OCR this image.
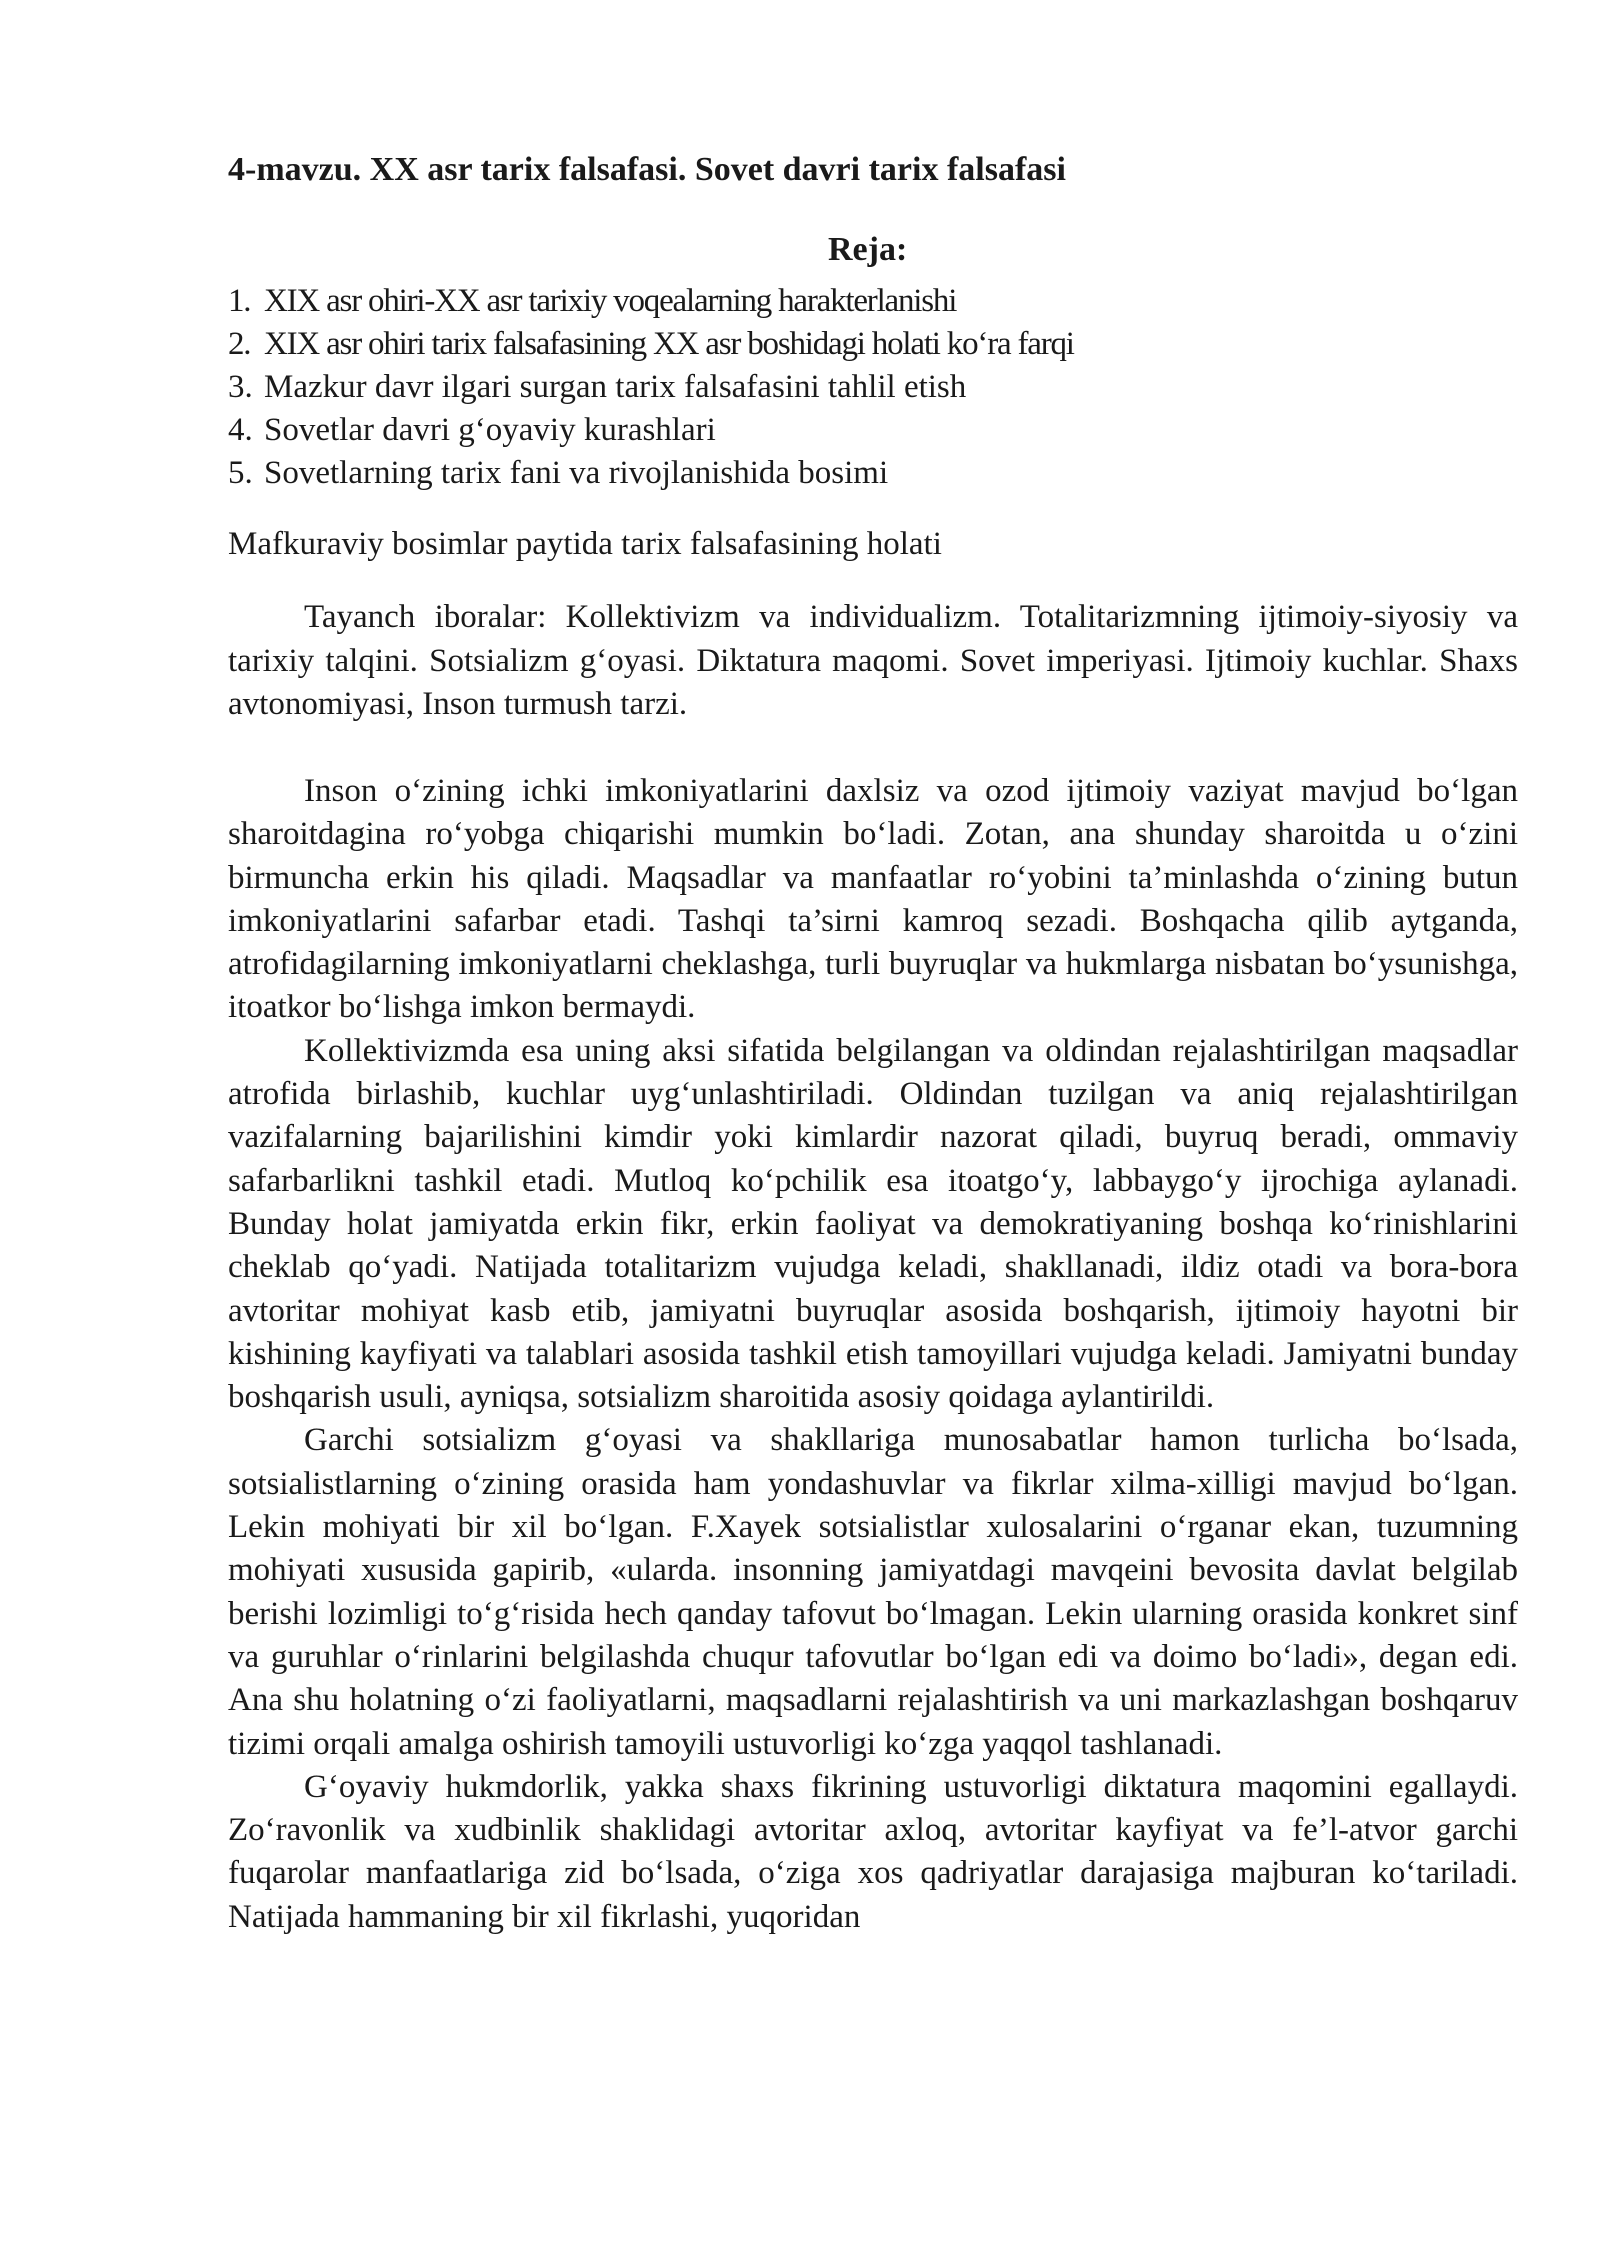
4-mavzu. XX asr tarix falsafasi. Sovet davri tarix falsafasi
Reja:
1. XIX asr ohiri-XX asr tarixiy voqealarning harakterlanishi
2. XIX asr ohiri tarix falsafasining XX asr boshidagi holati ko‘ra farqi
3. Mazkur davr ilgari surgan tarix falsafasini tahlil etish
4. Sovetlar davri g‘oyaviy kurashlari
5. Sovetlarning tarix fani va rivojlanishida bosimi

Mafkuraviy bosimlar paytida tarix falsafasining holati

Tayanch iboralar: Kollektivizm va individualizm. Totalitarizmning ijtimoiy-siyosiy va tarixiy talqini. Sotsializm g‘oyasi. Diktatura maqomi. Sovet imperiyasi. Ijtimoiy kuchlar. Shaxs avtonomiyasi, Inson turmush tarzi.

Inson o‘zining ichki imkoniyatlarini daxlsiz va ozod ijtimoiy vaziyat mavjud bo‘lgan sharoitdagina ro‘yobga chiqarishi mumkin bo‘ladi. Zotan, ana shunday sharoitda u o‘zini birmuncha erkin his qiladi. Maqsadlar va manfaatlar ro‘yobini ta’minlashda o‘zining butun imkoniyatlarini safarbar etadi. Tashqi ta’sirni kamroq sezadi. Boshqacha qilib aytganda, atrofidagilarning imkoniyatlarni cheklashga, turli buyruqlar va hukmlarga nisbatan bo‘ysunishga, itoatkor bo‘lishga imkon bermaydi.

Kollektivizmda esa uning aksi sifatida belgilangan va oldindan rejalashtirilgan maqsadlar atrofida birlashib, kuchlar uyg‘unlashtiriladi. Oldindan tuzilgan va aniq rejalashtirilgan vazifalarning bajarilishini kimdir yoki kimlardir nazorat qiladi, buyruq beradi, ommaviy safarbarlikni tashkil etadi. Mutloq ko‘pchilik esa itoatgo‘y, labbaygo‘y ijrochiga aylanadi. Bunday holat jamiyatda erkin fikr, erkin faoliyat va demokratiyaning boshqa ko‘rinishlarini cheklab qo‘yadi. Natijada totalitarizm vujudga keladi, shakllanadi, ildiz otadi va bora-bora avtoritar mohiyat kasb etib, jamiyatni buyruqlar asosida boshqarish, ijtimoiy hayotni bir kishining kayfiyati va talablari asosida tashkil etish tamoyillari vujudga keladi. Jamiyatni bunday boshqarish usuli, ayniqsa, sotsializm sharoitida asosiy qoidaga aylantirildi.

Garchi sotsializm g‘oyasi va shakllariga munosabatlar hamon turlicha bo‘lsada, sotsialistlarning o‘zining orasida ham yondashuvlar va fikrlar xilma-xilligi mavjud bo‘lgan. Lekin mohiyati bir xil bo‘lgan. F.Xayek sotsialistlar xulosalarini o‘rganar ekan, tuzumning mohiyati xususida gapirib, «ularda. insonning jamiyatdagi mavqeini bevosita davlat belgilab berishi lozimligi to‘g‘risida hech qanday tafovut bo‘lmagan. Lekin ularning orasida konkret sinf va guruhlar o‘rinlarini belgilashda chuqur tafovutlar bo‘lgan edi va doimo bo‘ladi», degan edi. Ana shu holatning o‘zi faoliyatlarni, maqsadlarni rejalashtirish va uni markazlashgan boshqaruv tizimi orqali amalga oshirish tamoyili ustuvorligi ko‘zga yaqqol tashlanadi.

G‘oyaviy hukmdorlik, yakka shaxs fikrining ustuvorligi diktatura maqomini egallaydi. Zo‘ravonlik va xudbinlik shaklidagi avtoritar axloq, avtoritar kayfiyat va fe’l-atvor garchi fuqarolar manfaatlariga zid bo‘lsada, o‘ziga xos qadriyatlar darajasiga majburan ko‘tariladi. Natijada hammaning bir xil fikrlashi, yuqoridan
